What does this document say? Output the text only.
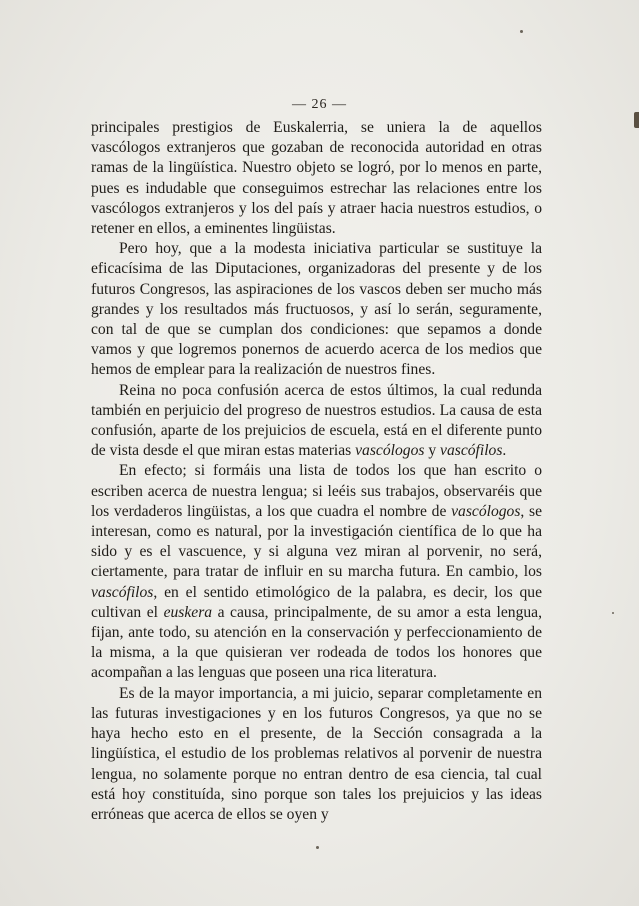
— 26 —

principales prestigios de Euskalerria, se uniera la de aquellos vascólogos extranjeros que gozaban de reconocida autoridad en otras ramas de la lingüística. Nuestro objeto se logró, por lo menos en parte, pues es indudable que conseguimos estrechar las relaciones entre los vascólogos extranjeros y los del país y atraer hacia nuestros estudios, o retener en ellos, a eminentes lingüistas.

Pero hoy, que a la modesta iniciativa particular se sustituye la eficacísima de las Diputaciones, organizadoras del presente y de los futuros Congresos, las aspiraciones de los vascos deben ser mucho más grandes y los resultados más fructuosos, y así lo serán, seguramente, con tal de que se cumplan dos condiciones: que sepamos a donde vamos y que logremos ponernos de acuerdo acerca de los medios que hemos de emplear para la realización de nuestros fines.

Reina no poca confusión acerca de estos últimos, la cual redunda también en perjuicio del progreso de nuestros estudios. La causa de esta confusión, aparte de los prejuicios de escuela, está en el diferente punto de vista desde el que miran estas materias vascólogos y vascófilos.

En efecto; si formáis una lista de todos los que han escrito o escriben acerca de nuestra lengua; si leéis sus trabajos, observaréis que los verdaderos lingüistas, a los que cuadra el nombre de vascólogos, se interesan, como es natural, por la investigación científica de lo que ha sido y es el vascuence, y si alguna vez miran al porvenir, no será, ciertamente, para tratar de influir en su marcha futura. En cambio, los vascófilos, en el sentido etimológico de la palabra, es decir, los que cultivan el euskera a causa, principalmente, de su amor a esta lengua, fijan, ante todo, su atención en la conservación y perfeccionamiento de la misma, a la que quisieran ver rodeada de todos los honores que acompañan a las lenguas que poseen una rica literatura.

Es de la mayor importancia, a mi juicio, separar completamente en las futuras investigaciones y en los futuros Congresos, ya que no se haya hecho esto en el presente, de la Sección consagrada a la lingüística, el estudio de los problemas relativos al porvenir de nuestra lengua, no solamente porque no entran dentro de esa ciencia, tal cual está hoy constituída, sino porque son tales los prejuicios y las ideas erróneas que acerca de ellos se oyen y
